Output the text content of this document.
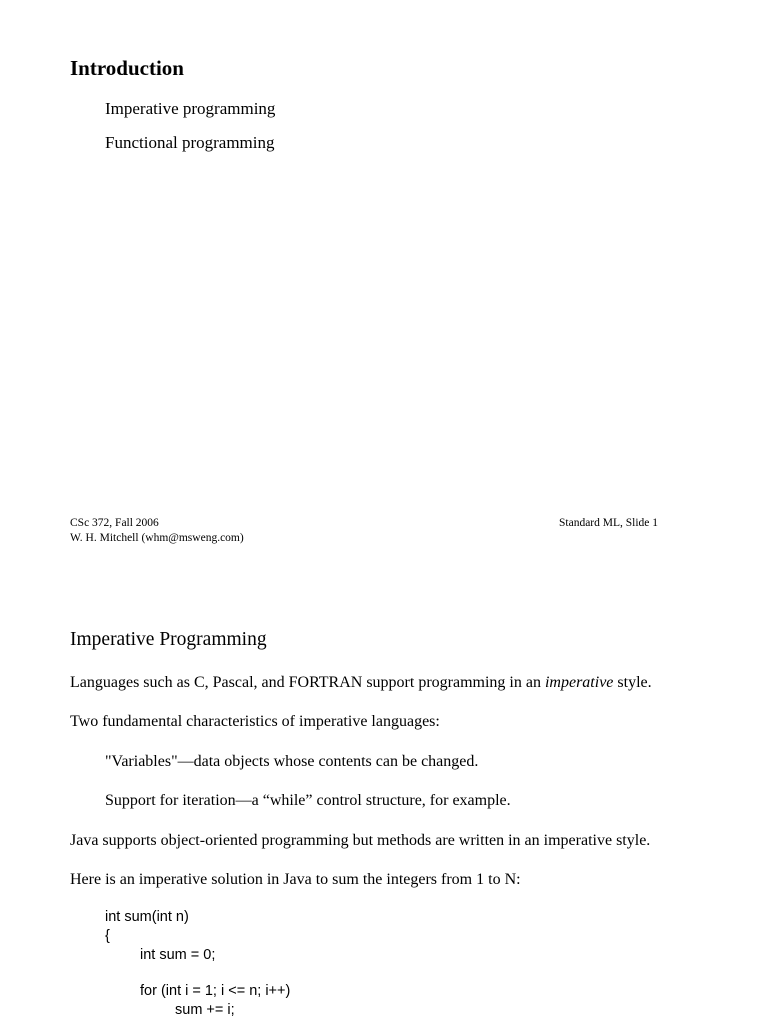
Introduction
Imperative programming
Functional programming
CSc 372, Fall 2006
W. H. Mitchell (whm@msweng.com)
Standard ML, Slide 1
Imperative Programming
Languages such as C, Pascal, and FORTRAN support programming in an imperative style.
Two fundamental characteristics of imperative languages:
"Variables"—data objects whose contents can be changed.
Support for iteration—a “while” control structure, for example.
Java supports object-oriented programming but methods are written in an imperative style.
Here is an imperative solution in Java to sum the integers from 1 to N:
int sum(int n)
{
int sum = 0;
for (int i = 1; i <= n; i++)
sum += i;
